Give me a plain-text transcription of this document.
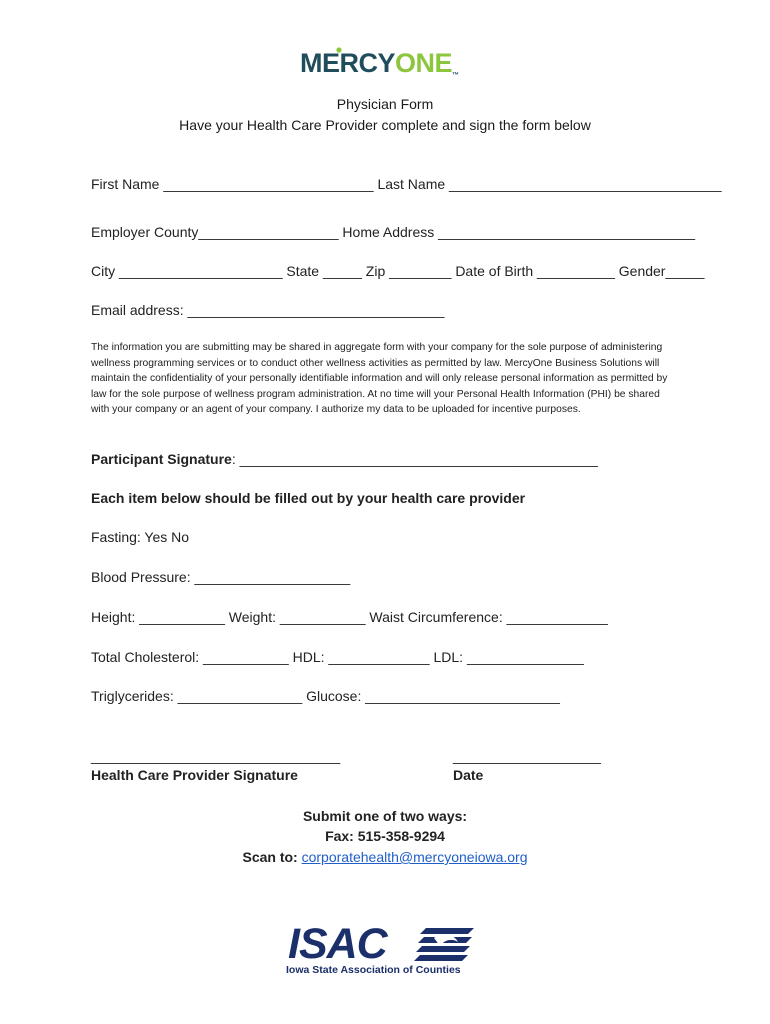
MERCYONE™
Physician Form
Have your Health Care Provider complete and sign the form below
First Name ___________________________ Last Name ___________________________________
Employer County__________________ Home Address _________________________________
City _____________________ State _____ Zip ________ Date of Birth __________ Gender_____
Email address: _________________________________

The information you are submitting may be shared in aggregate form with your company for the sole purpose of administering wellness programming services or to conduct other wellness activities as permitted by law. MercyOne Business Solutions will maintain the confidentiality of your personally identifiable information and will only release personal information as permitted by law for the sole purpose of wellness program administration. At no time will your Personal Health Information (PHI) be shared with your company or an agent of your company. I authorize my data to be uploaded for incentive purposes.

Participant Signature: ______________________________________________
Each item below should be filled out by your health care provider
Fasting: Yes No
Blood Pressure: ____________________
Height: ___________ Weight: ___________ Waist Circumference: _____________
Total Cholesterol: ___________ HDL: _____________ LDL: _______________
Triglycerides: ________________ Glucose: _________________________
________________________________
Health Care Provider Signature
___________________
Date
Submit one of two ways:
Fax: 515-358-9294
Scan to: corporatehealth@mercyoneiowa.org
ISAC
Iowa State Association of Counties
